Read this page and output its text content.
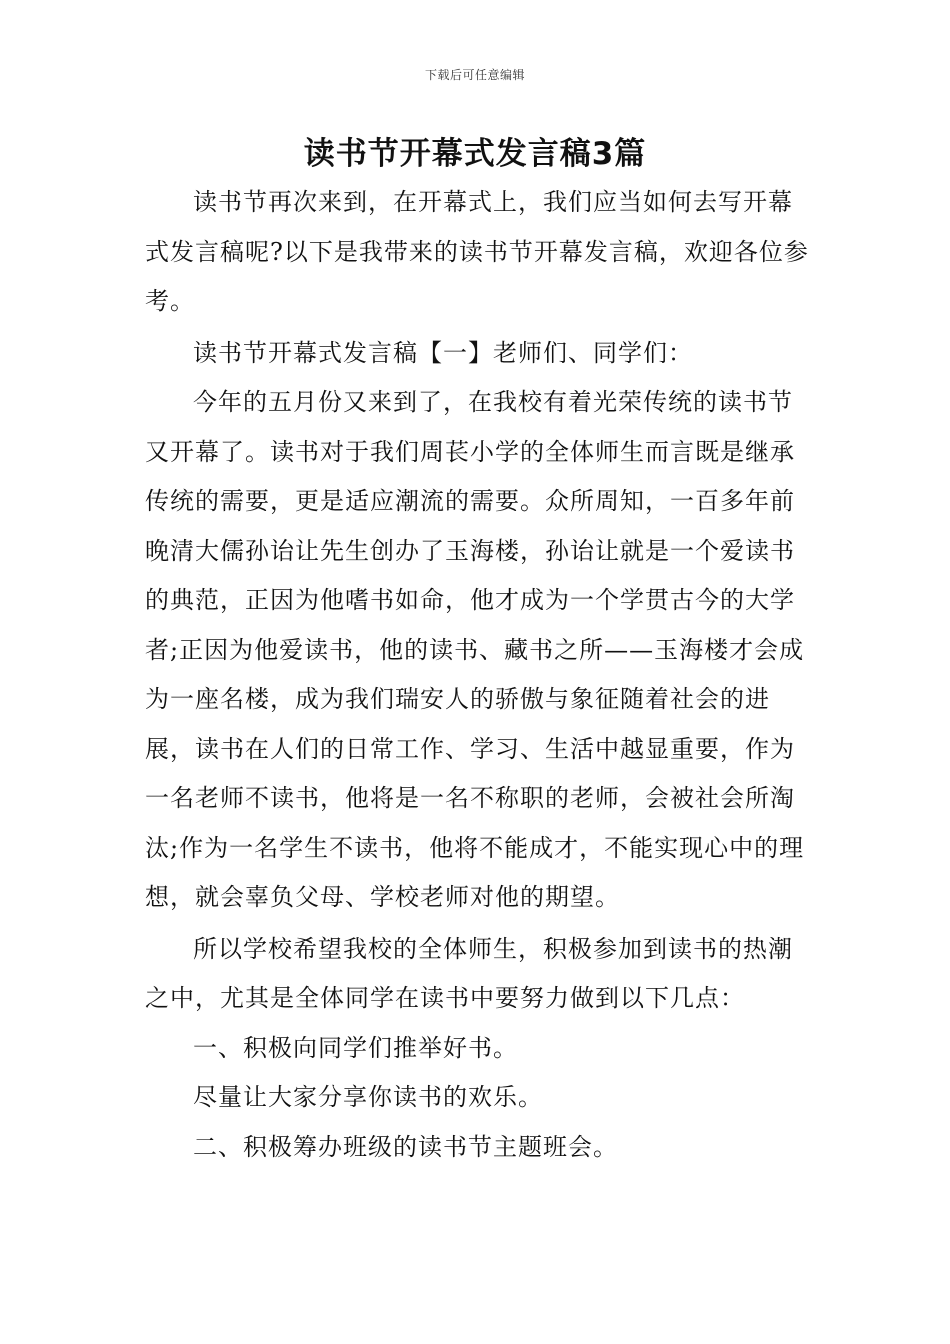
下载后可任意编辑
读书节开幕式发言稿3篇

读书节再次来到，在开幕式上，我们应当如何去写开幕式发言稿呢?以下是我带来的读书节开幕发言稿，欢迎各位参考。

读书节开幕式发言稿【一】老师们、同学们：

今年的五月份又来到了，在我校有着光荣传统的读书节又开幕了。读书对于我们周苌小学的全体师生而言既是继承传统的需要，更是适应潮流的需要。众所周知，一百多年前晚清大儒孙诒让先生创办了玉海楼，孙诒让就是一个爱读书的典范，正因为他嗜书如命，他才成为一个学贯古今的大学者;正因为他爱读书，他的读书、藏书之所——玉海楼才会成为一座名楼，成为我们瑞安人的骄傲与象征随着社会的进展，读书在人们的日常工作、学习、生活中越显重要，作为一名老师不读书，他将是一名不称职的老师，会被社会所淘汰;作为一名学生不读书，他将不能成才，不能实现心中的理想，就会辜负父母、学校老师对他的期望。

所以学校希望我校的全体师生，积极参加到读书的热潮之中，尤其是全体同学在读书中要努力做到以下几点：

一、积极向同学们推举好书。

尽量让大家分享你读书的欢乐。

二、积极筹办班级的读书节主题班会。
